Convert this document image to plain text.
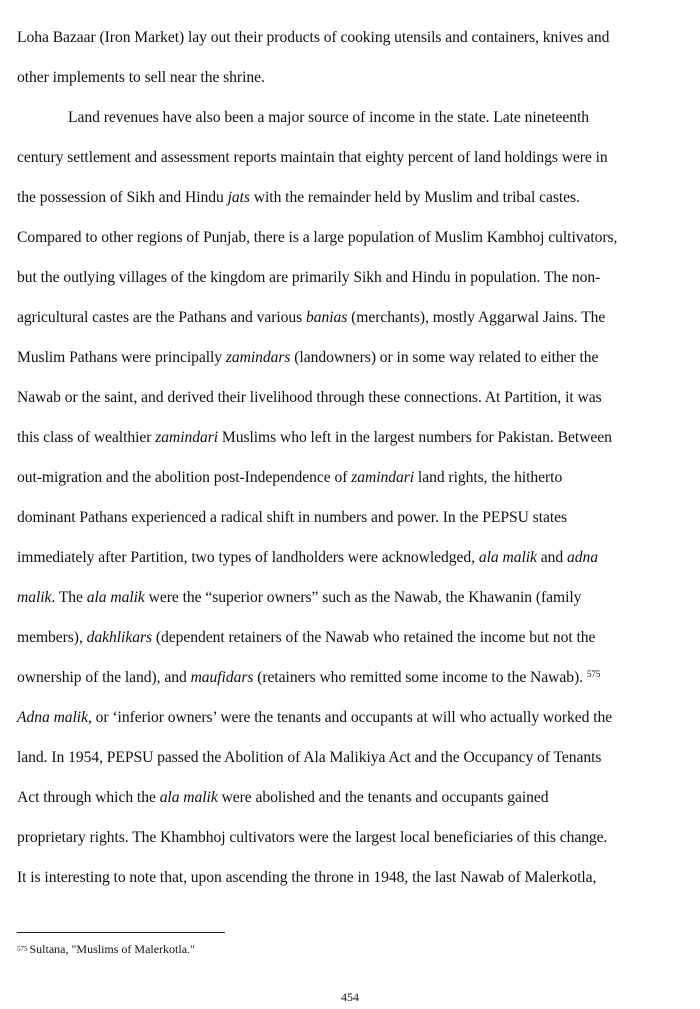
Loha Bazaar (Iron Market) lay out their products of cooking utensils and containers, knives and
other implements to sell near the shrine.
Land revenues have also been a major source of income in the state. Late nineteenth
century settlement and assessment reports maintain that eighty percent of land holdings were in
the possession of Sikh and Hindu jats with the remainder held by Muslim and tribal castes.
Compared to other regions of Punjab, there is a large population of Muslim Kambhoj cultivators,
but the outlying villages of the kingdom are primarily Sikh and Hindu in population. The non-
agricultural castes are the Pathans and various banias (merchants), mostly Aggarwal Jains. The
Muslim Pathans were principally zamindars (landowners) or in some way related to either the
Nawab or the saint, and derived their livelihood through these connections. At Partition, it was
this class of wealthier zamindari Muslims who left in the largest numbers for Pakistan. Between
out-migration and the abolition post-Independence of zamindari land rights, the hitherto
dominant Pathans experienced a radical shift in numbers and power. In the PEPSU states
immediately after Partition, two types of landholders were acknowledged, ala malik and adna
malik. The ala malik were the “superior owners” such as the Nawab, the Khawanin (family
members), dakhlikars (dependent retainers of the Nawab who retained the income but not the
ownership of the land), and maufidars (retainers who remitted some income to the Nawab). $^{575}$
Adna malik, or ‘inferior owners’ were the tenants and occupants at will who actually worked the
land. In 1954, PEPSU passed the Abolition of Ala Malikiya Act and the Occupancy of Tenants
Act through which the ala malik were abolished and the tenants and occupants gained
proprietary rights. The Khambhoj cultivators were the largest local beneficiaries of this change.
It is interesting to note that, upon ascending the throne in 1948, the last Nawab of Malerkotla,
$^{575}$ Sultana, "Muslims of Malerkotla."
454
